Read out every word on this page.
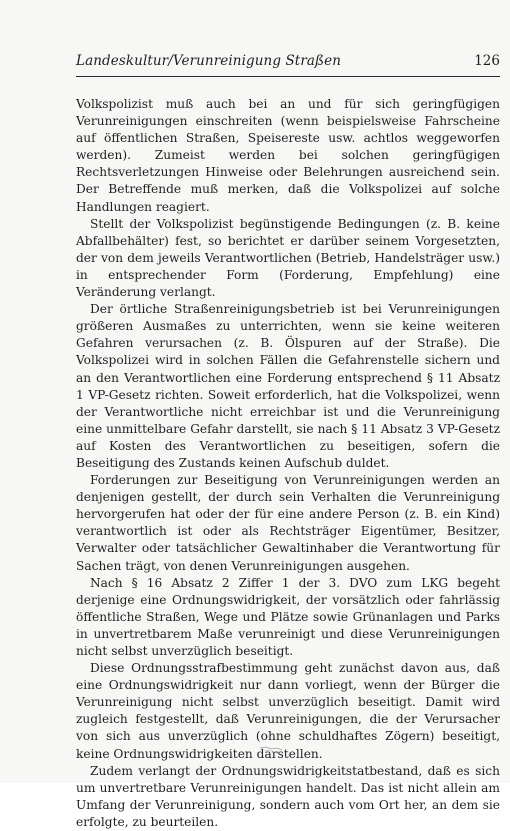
Landeskultur/Verunreinigung Straßen	126

Volkspolizist muß auch bei an und für sich geringfügigen Verunreinigungen einschreiten (wenn beispielsweise Fahrscheine auf öffentlichen Straßen, Speisereste usw. achtlos weggeworfen werden). Zumeist werden bei solchen geringfügigen Rechtsverletzungen Hinweise oder Belehrungen ausreichend sein. Der Betreffende muß merken, daß die Volkspolizei auf solche Handlungen reagiert.

Stellt der Volkspolizist begünstigende Bedingungen (z. B. keine Abfallbehälter) fest, so berichtet er darüber seinem Vorgesetzten, der von dem jeweils Verantwortlichen (Betrieb, Handelsträger usw.) in entsprechender Form (Forderung, Empfehlung) eine Veränderung verlangt.

Der örtliche Straßenreinigungsbetrieb ist bei Verunreinigungen größeren Ausmaßes zu unterrichten, wenn sie keine weiteren Gefahren verursachen (z. B. Ölspuren auf der Straße). Die Volkspolizei wird in solchen Fällen die Gefahrenstelle sichern und an den Verantwortlichen eine Forderung entsprechend § 11 Absatz 1 VP-Gesetz richten. Soweit erforderlich, hat die Volkspolizei, wenn der Verantwortliche nicht erreichbar ist und die Verunreinigung eine unmittelbare Gefahr darstellt, sie nach § 11 Absatz 3 VP-Gesetz auf Kosten des Verantwortlichen zu beseitigen, sofern die Beseitigung des Zustands keinen Aufschub duldet.

Forderungen zur Beseitigung von Verunreinigungen werden an denjenigen gestellt, der durch sein Verhalten die Verunreinigung hervorgerufen hat oder der für eine andere Person (z. B. ein Kind) verantwortlich ist oder als Rechtsträger Eigentümer, Besitzer, Verwalter oder tatsächlicher Gewaltinhaber die Verantwortung für Sachen trägt, von denen Verunreinigungen ausgehen.

Nach § 16 Absatz 2 Ziffer 1 der 3. DVO zum LKG begeht derjenige eine Ordnungswidrigkeit, der vorsätzlich oder fahrlässig öffentliche Straßen, Wege und Plätze sowie Grünanlagen und Parks in unvertretbarem Maße verunreinigt und diese Verunreinigungen nicht selbst unverzüglich beseitigt.

Diese Ordnungsstrafbestimmung geht zunächst davon aus, daß eine Ordnungswidrigkeit nur dann vorliegt, wenn der Bürger die Verunreinigung nicht selbst unverzüglich beseitigt. Damit wird zugleich festgestellt, daß Verunreinigungen, die der Verursacher von sich aus unverzüglich (ohne schuldhaftes Zögern) beseitigt, keine Ordnungswidrigkeiten darstellen.

Zudem verlangt der Ordnungswidrigkeitstatbestand, daß es sich um unvertretbare Verunreinigungen handelt. Das ist nicht allein am Umfang der Verunreinigung, sondern auch vom Ort her, an dem sie erfolgte, zu beurteilen.
